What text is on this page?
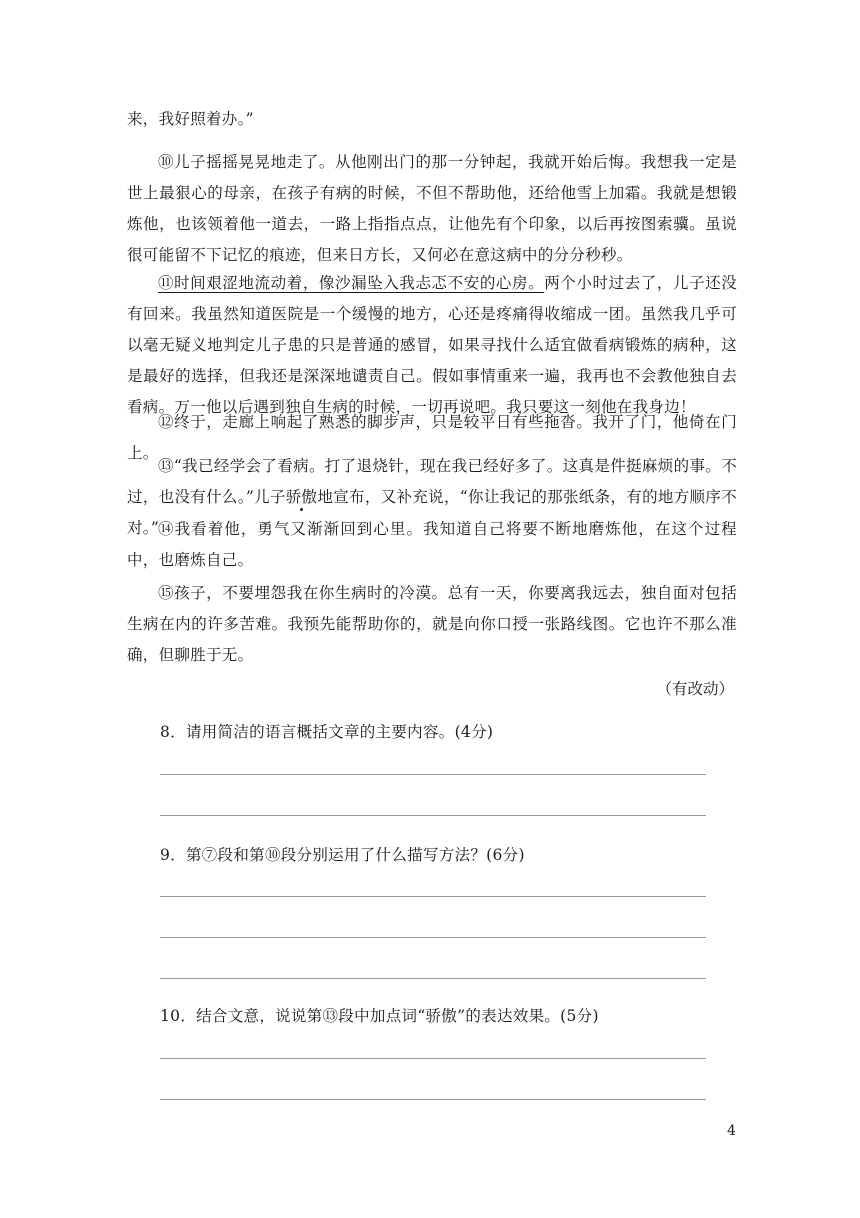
来，我好照着办。”

⑩儿子摇摇晃晃地走了。从他刚出门的那一分钟起，我就开始后悔。我想我一定是世上最狠心的母亲，在孩子有病的时候，不但不帮助他，还给他雪上加霜。我就是想锻炼他，也该领着他一道去，一路上指指点点，让他先有个印象，以后再按图索骥。虽说很可能留不下记忆的痕迹，但来日方长，又何必在意这病中的分分秒秒。

⑪时间艰涩地流动着，像沙漏坠入我忐忑不安的心房。两个小时过去了，儿子还没有回来。我虽然知道医院是一个缓慢的地方，心还是疼痛得收缩成一团。虽然我几乎可以毫无疑义地判定儿子患的只是普通的感冒，如果寻找什么适宜做看病锻炼的病种，这是最好的选择，但我还是深深地谴责自己。假如事情重来一遍，我再也不会教他独自去看病。万一他以后遇到独自生病的时候，一切再说吧。我只要这一刻他在我身边！

⑫终于，走廊上响起了熟悉的脚步声，只是较平日有些拖沓。我开了门，他倚在门上。

⑬“我已经学会了看病。打了退烧针，现在我已经好多了。这真是件挺麻烦的事。不过，也没有什么。”儿子骄傲地宣布，又补充说，“你让我记的那张纸条，有的地方顺序不对。”

⑭我看着他，勇气又渐渐回到心里。我知道自己将要不断地磨炼他，在这个过程中，也磨炼自己。

⑮孩子，不要埋怨我在你生病时的冷漠。总有一天，你要离我远去，独自面对包括生病在内的许多苦难。我预先能帮助你的，就是向你口授一张路线图。它也许不那么准确，但聊胜于无。

（有改动）
8．请用简洁的语言概括文章的主要内容。(4分)
9．第⑦段和第⑩段分别运用了什么描写方法？(6分)
10．结合文意，说说第⑬段中加点词“骄傲”的表达效果。(5分)
4
